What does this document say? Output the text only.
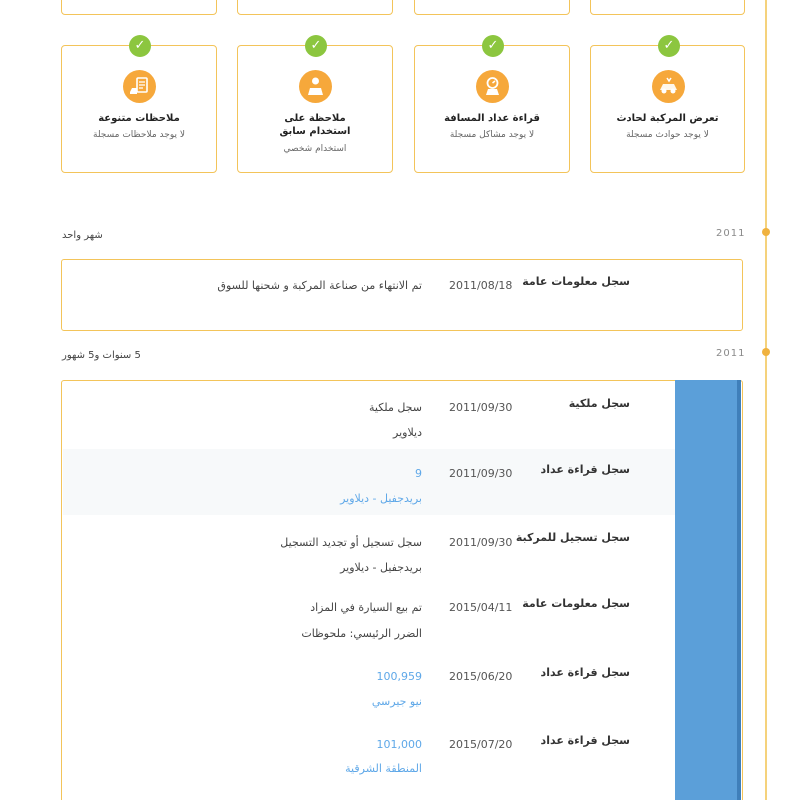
2011
2011
✓
تعرض المركبة لحادث
لا يوجد حوادث مسجلة
✓
قراءة عداد المسافة
لا يوجد مشاكل مسجلة
✓
ملاحظة على استخدام سابق
استخدام شخصي
✓
ملاحظات متنوعة
لا يوجد ملاحظات مسجلة
شهر واحد
سجل معلومات عامة
2011/08/18
تم الانتهاء من صناعة المركبة و شحنها للسوق
5 سنوات و5 شهور
سجل ملكية
2011/09/30
سجل ملكية
ديلاوير
سجل قراءة عداد
2011/09/30
9
بريدجفيل - ديلاوير
سجل تسجيل للمركبة
2011/09/30
سجل تسجيل أو تجديد التسجيل
بريدجفيل - ديلاوير
سجل معلومات عامة
2015/04/11
تم بيع السيارة في المزاد
الضرر الرئيسي: ملحوظات
سجل قراءة عداد
2015/06/20
100,959
نيو جيرسي
سجل قراءة عداد
2015/07/20
101,000
المنطقة الشرقية
